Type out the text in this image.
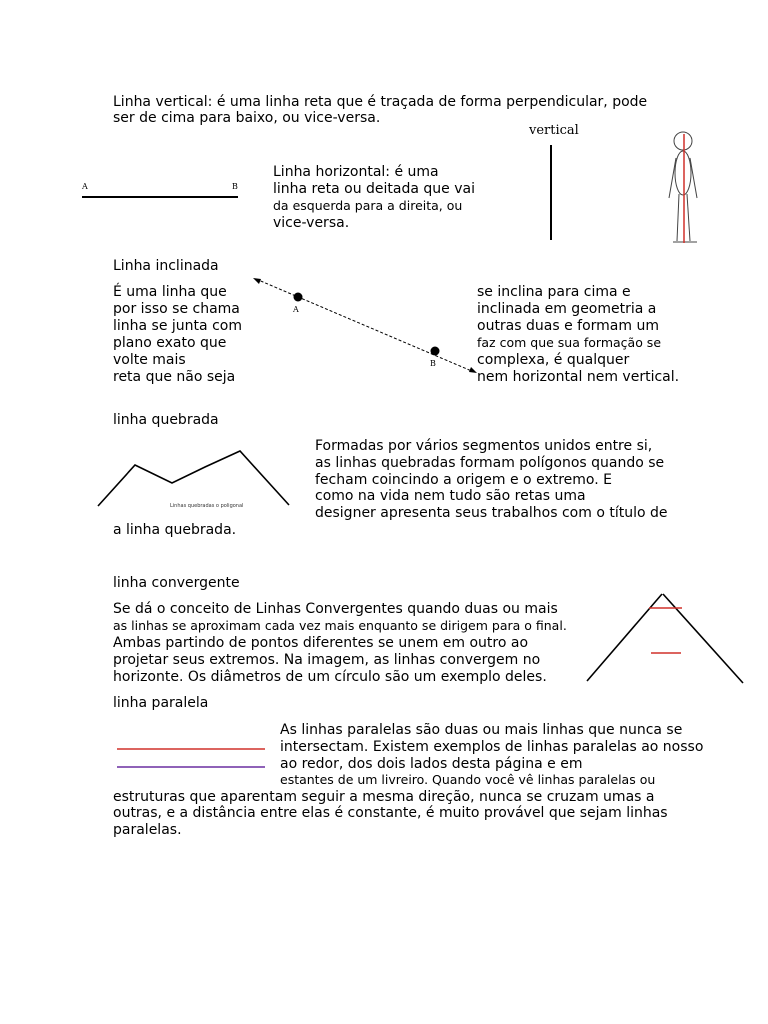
Linha vertical: é uma linha reta que é traçada de forma perpendicular, pode
ser de cima para baixo, ou vice-versa.
vertical
A	B
Linha horizontal: é uma
linha reta ou deitada que vai
da esquerda para a direita, ou
vice-versa.
Linha inclinada
É uma linha que
por isso se chama
linha se junta com
plano exato que
volte mais
reta que não seja
A
B
se inclina para cima e
inclinada em geometria a
outras duas e formam um
faz com que sua formação se
complexa, é qualquer
nem horizontal nem vertical.
linha quebrada
Linhas quebradas o poligonal
Formadas por vários segmentos unidos entre si,
as linhas quebradas formam polígonos quando se
fecham coincindo a origem e o extremo. E
como na vida nem tudo são retas uma
designer apresenta seus trabalhos com o título de
a linha quebrada.
linha convergente
Se dá o conceito de Linhas Convergentes quando duas ou mais
as linhas se aproximam cada vez mais enquanto se dirigem para o final.
Ambas partindo de pontos diferentes se unem em outro ao
projetar seus extremos. Na imagem, as linhas convergem no
horizonte. Os diâmetros de um círculo são um exemplo deles.
linha paralela
As linhas paralelas são duas ou mais linhas que nunca se
intersectam. Existem exemplos de linhas paralelas ao nosso
ao redor, dos dois lados desta página e em
estantes de um livreiro. Quando você vê linhas paralelas ou
estruturas que aparentam seguir a mesma direção, nunca se cruzam umas a
outras, e a distância entre elas é constante, é muito provável que sejam linhas
paralelas.
